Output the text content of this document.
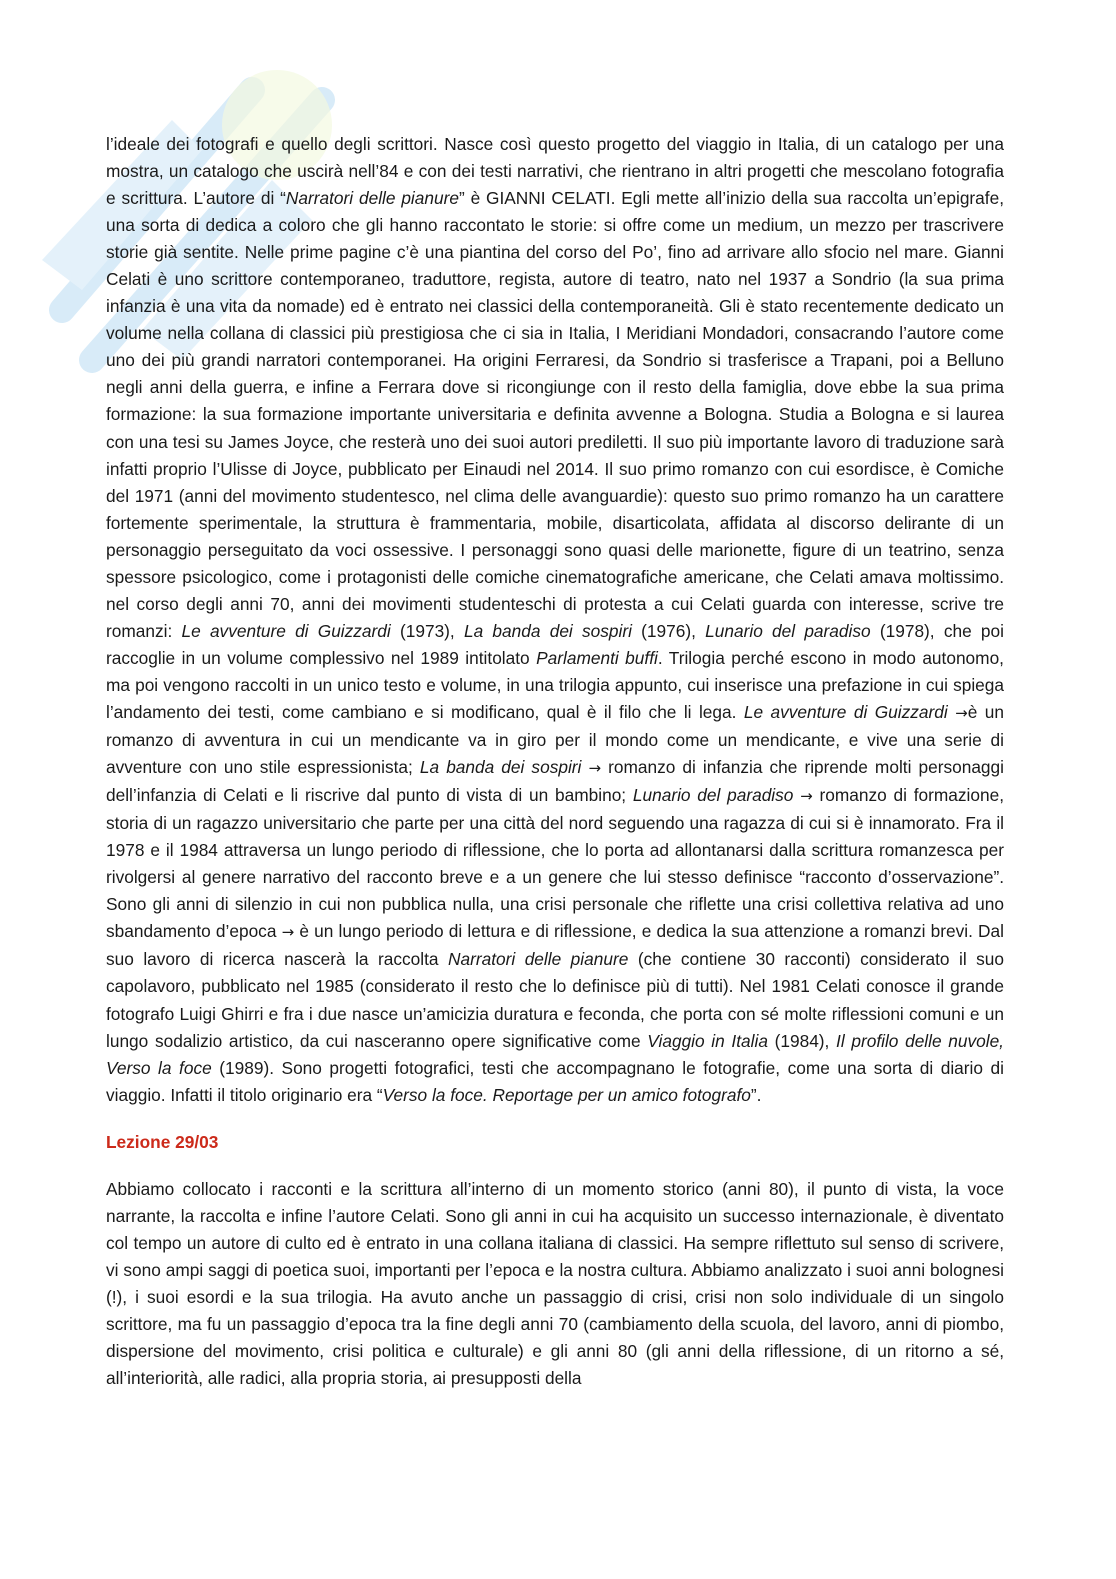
l’ideale dei fotografi e quello degli scrittori. Nasce così questo progetto del viaggio in Italia, di un catalogo per una mostra, un catalogo che uscirà nell’84 e con dei testi narrativi, che rientrano in altri progetti che mescolano fotografia e scrittura. L’autore di “Narratori delle pianure” è GIANNI CELATI. Egli mette all’inizio della sua raccolta un’epigrafe, una sorta di dedica a coloro che gli hanno raccontato le storie: si offre come un medium, un mezzo per trascrivere storie già sentite. Nelle prime pagine c’è una piantina del corso del Po’, fino ad arrivare allo sfocio nel mare. Gianni Celati è uno scrittore contemporaneo, traduttore, regista, autore di teatro, nato nel 1937 a Sondrio (la sua prima infanzia è una vita da nomade) ed è entrato nei classici della contemporaneità. Gli è stato recentemente dedicato un volume nella collana di classici più prestigiosa che ci sia in Italia, I Meridiani Mondadori, consacrando l’autore come uno dei più grandi narratori contemporanei. Ha origini Ferraresi, da Sondrio si trasferisce a Trapani, poi a Belluno negli anni della guerra, e infine a Ferrara dove si ricongiunge con il resto della famiglia, dove ebbe la sua prima formazione: la sua formazione importante universitaria e definita avvenne a Bologna. Studia a Bologna e si laurea con una tesi su James Joyce, che resterà uno dei suoi autori prediletti. Il suo più importante lavoro di traduzione sarà infatti proprio l’Ulisse di Joyce, pubblicato per Einaudi nel 2014. Il suo primo romanzo con cui esordisce, è Comiche del 1971 (anni del movimento studentesco, nel clima delle avanguardie): questo suo primo romanzo ha un carattere fortemente sperimentale, la struttura è frammentaria, mobile, disarticolata, affidata al discorso delirante di un personaggio perseguitato da voci ossessive. I personaggi sono quasi delle marionette, figure di un teatrino, senza spessore psicologico, come i protagonisti delle comiche cinematografiche americane, che Celati amava moltissimo. nel corso degli anni 70, anni dei movimenti studenteschi di protesta a cui Celati guarda con interesse, scrive tre romanzi: Le avventure di Guizzardi (1973), La banda dei sospiri (1976), Lunario del paradiso (1978), che poi raccoglie in un volume complessivo nel 1989 intitolato Parlamenti buffi. Trilogia perché escono in modo autonomo, ma poi vengono raccolti in un unico testo e volume, in una trilogia appunto, cui inserisce una prefazione in cui spiega l’andamento dei testi, come cambiano e si modificano, qual è il filo che li lega. Le avventure di Guizzardi →è un romanzo di avventura in cui un mendicante va in giro per il mondo come un mendicante, e vive una serie di avventure con uno stile espressionista; La banda dei sospiri → romanzo di infanzia che riprende molti personaggi dell’infanzia di Celati e li riscrive dal punto di vista di un bambino; Lunario del paradiso → romanzo di formazione, storia di un ragazzo universitario che parte per una città del nord seguendo una ragazza di cui si è innamorato. Fra il 1978 e il 1984 attraversa un lungo periodo di riflessione, che lo porta ad allontanarsi dalla scrittura romanzesca per rivolgersi al genere narrativo del racconto breve e a un genere che lui stesso definisce “racconto d’osservazione”. Sono gli anni di silenzio in cui non pubblica nulla, una crisi personale che riflette una crisi collettiva relativa ad uno sbandamento d’epoca → è un lungo periodo di lettura e di riflessione, e dedica la sua attenzione a romanzi brevi. Dal suo lavoro di ricerca nascerà la raccolta Narratori delle pianure (che contiene 30 racconti) considerato il suo capolavoro, pubblicato nel 1985 (considerato il resto che lo definisce più di tutti). Nel 1981 Celati conosce il grande fotografo Luigi Ghirri e fra i due nasce un’amicizia duratura e feconda, che porta con sé molte riflessioni comuni e un lungo sodalizio artistico, da cui nasceranno opere significative come Viaggio in Italia (1984), Il profilo delle nuvole, Verso la foce (1989). Sono progetti fotografici, testi che accompagnano le fotografie, come una sorta di diario di viaggio. Infatti il titolo originario era “Verso la foce. Reportage per un amico fotografo”.

Lezione 29/03

Abbiamo collocato i racconti e la scrittura all’interno di un momento storico (anni 80), il punto di vista, la voce narrante, la raccolta e infine l’autore Celati. Sono gli anni in cui ha acquisito un successo internazionale, è diventato col tempo un autore di culto ed è entrato in una collana italiana di classici. Ha sempre riflettuto sul senso di scrivere, vi sono ampi saggi di poetica suoi, importanti per l’epoca e la nostra cultura. Abbiamo analizzato i suoi anni bolognesi (!), i suoi esordi e la sua trilogia. Ha avuto anche un passaggio di crisi, crisi non solo individuale di un singolo scrittore, ma fu un passaggio d’epoca tra la fine degli anni 70 (cambiamento della scuola, del lavoro, anni di piombo, dispersione del movimento, crisi politica e culturale) e gli anni 80 (gli anni della riflessione, di un ritorno a sé, all’interiorità, alle radici, alla propria storia, ai presupposti della
